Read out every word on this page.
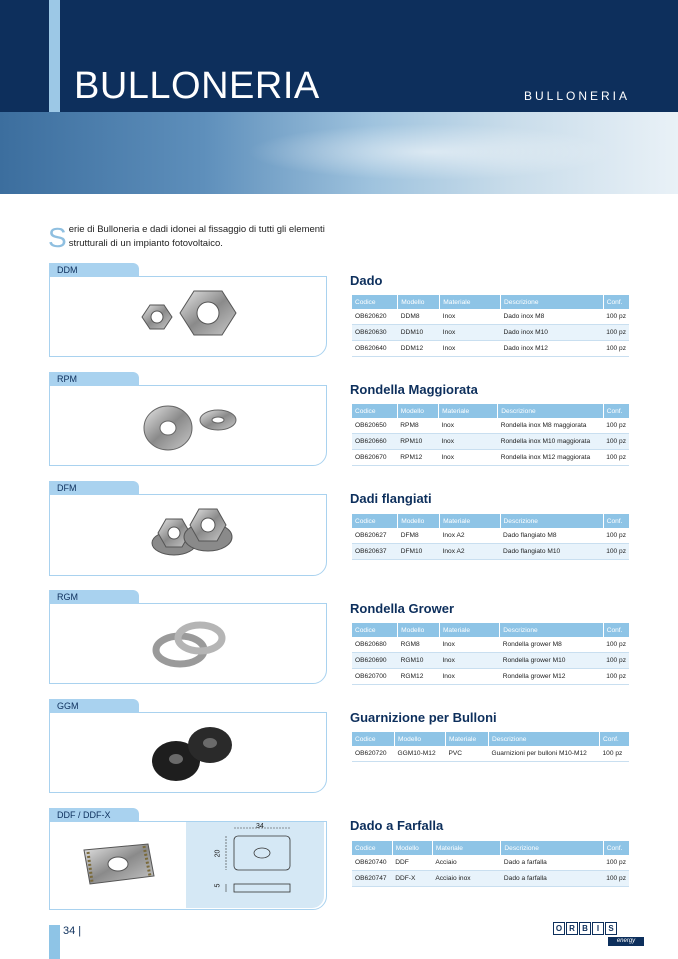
BULLONERIA	BULLONERIA
S erie di Bulloneria e dadi idonei al fissaggio di tutti gli elementi strutturali di un impianto fotovoltaico.
DDM
Dado
Codice	Modello	Materiale	Descrizione	Conf.
OB620620	DDM8	Inox	Dado inox M8	100 pz
OB620630	DDM10	Inox	Dado inox M10	100 pz
OB620640	DDM12	Inox	Dado inox M12	100 pz
RPM
Rondella Maggiorata
Codice	Modello	Materiale	Descrizione	Conf.
OB620650	RPM8	Inox	Rondella inox M8 maggiorata	100 pz
OB620660	RPM10	Inox	Rondella inox M10 maggiorata	100 pz
OB620670	RPM12	Inox	Rondella inox M12 maggiorata	100 pz
DFM
Dadi flangiati
Codice	Modello	Materiale	Descrizione	Conf.
OB620627	DFM8	Inox A2	Dado flangiato M8	100 pz
OB620637	DFM10	Inox A2	Dado flangiato M10	100 pz
RGM
Rondella Grower
Codice	Modello	Materiale	Descrizione	Conf.
OB620680	RGM8	Inox	Rondella grower M8	100 pz
OB620690	RGM10	Inox	Rondella grower M10	100 pz
OB620700	RGM12	Inox	Rondella grower M12	100 pz
GGM
Guarnizione per Bulloni
Codice	Modello	Materiale	Descrizione	Conf.
OB620720	GGM10-M12	PVC	Guarnizioni per bulloni M10-M12	100 pz
DDF / DDF-X
34
20
5
Dado a Farfalla
Codice	Modello	Materiale	Descrizione	Conf.
OB620740	DDF	Acciaio	Dado a farfalla	100 pz
OB620747	DDF-X	Acciaio inox	Dado a farfalla	100 pz
34 |	O R B	I	S
energy
